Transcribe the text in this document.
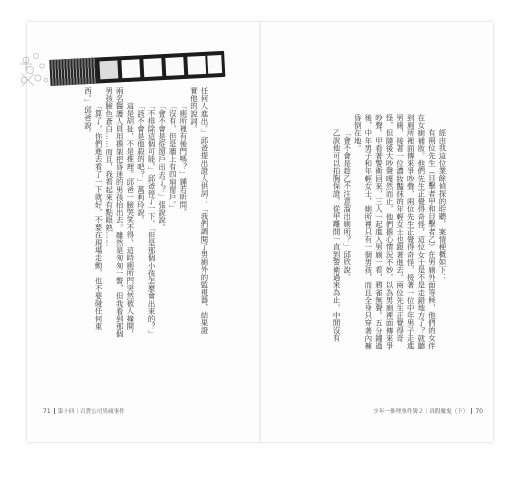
任何人進出。」邱爸提出證人供詞：「我們調閱了男廁外的監視器，結果證實他的說詞。

「廁所裡有後門嗎？」鍾若昕問。

「沒有，但是牆上有四扇窗戶。」

「會不會是從窗戶出去了？」張說說。

「不排除這個可能，」邱爸停了一下，「但是那個小孩怎麼會出來的？」

「該不會是他殺的吧？」萬莉玲說。

這是胡扯，不是推理。邱爸一臉哭笑不得，這時廁所門突然被人撞開，兩名醫護人員用擔架把昏迷的男孩抬出去。雖然是匆匆一瞥，但我看到那個男孩臉色蒼白……而且，我看起來有點眼熟……

「算了，你們進去看了一下就好，不要在現場走動，也不要碰任何東西。」邱爸說。

71 第十回｜百貨公司男廁事件

經由我這位業餘偵探的聆聽，案情梗概如下：

有兩位先生（目擊者甲和目擊者乙）在男廁外面等候，他們的女伴在女廁補妝。他們先生正覺得奇怪，這位女士是不是走錯地方了？就聽到廁所裡面傳來爭吵聲，兩位先生正覺得奇怪，接著一位中年男子走進男廁，接著一位濃妝豔抹的年輕女士也跟著進去。兩位先生正覺得奇怪，但隨後大吵聲嘎然而止，他們擔心情況不妙，以為男廁裡面傳來爭吵聲。甲看著警衛回來，三人一起進入男廁一看，鴉雀無聲。五分鐘過後，中年男子和年輕女士，廁所裡只有一個男孩，而且全身只穿著內褲昏倒在地。

「會不會是趁乙不注意溜出廁所？」邱欣說。

乙說他可以拍胸保證，從甲離開一直到警衛過來為止，中間沒有

少年一推理事件簿２｜真假魔鬼（下） 70
